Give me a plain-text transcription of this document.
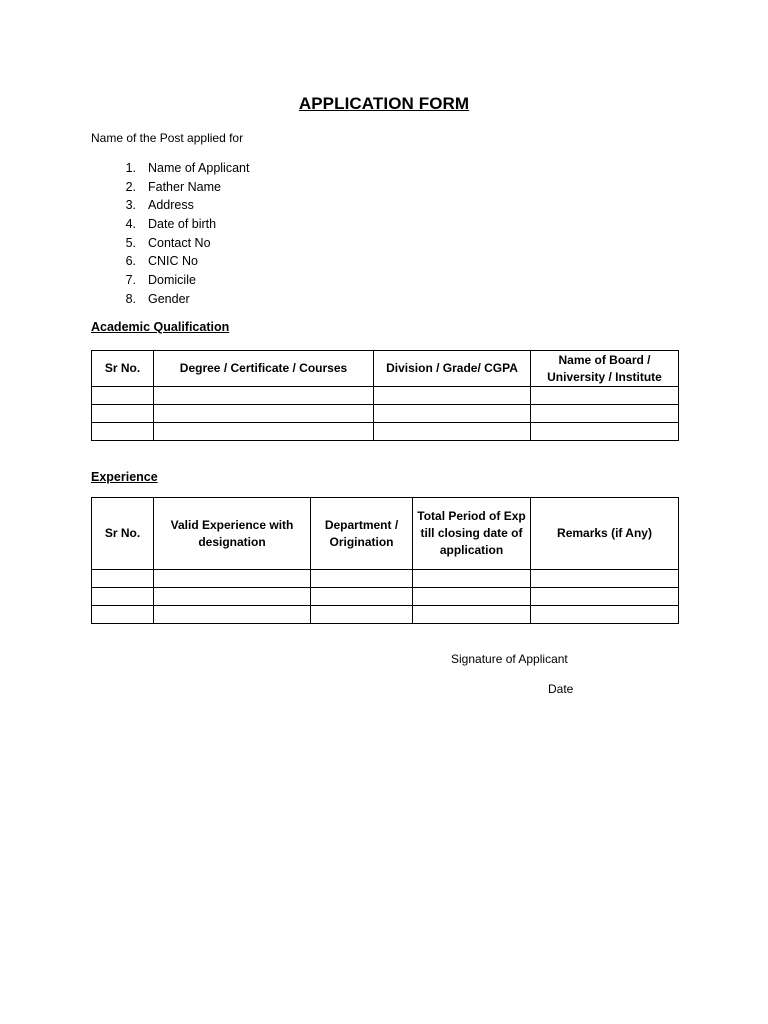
APPLICATION FORM
Name of the Post applied for
1. Name of Applicant
2. Father Name
3. Address
4. Date of birth
5. Contact No
6. CNIC No
7. Domicile
8. Gender
Academic Qualification
Sr No.	Degree / Certificate / Courses	Division / Grade/ CGPA	Name of Board / University / Institute

Experience
Sr No.	Valid Experience with designation	Department / Origination	Total Period of Exp till closing date of application	Remarks (if Any)

Signature of Applicant
Date
